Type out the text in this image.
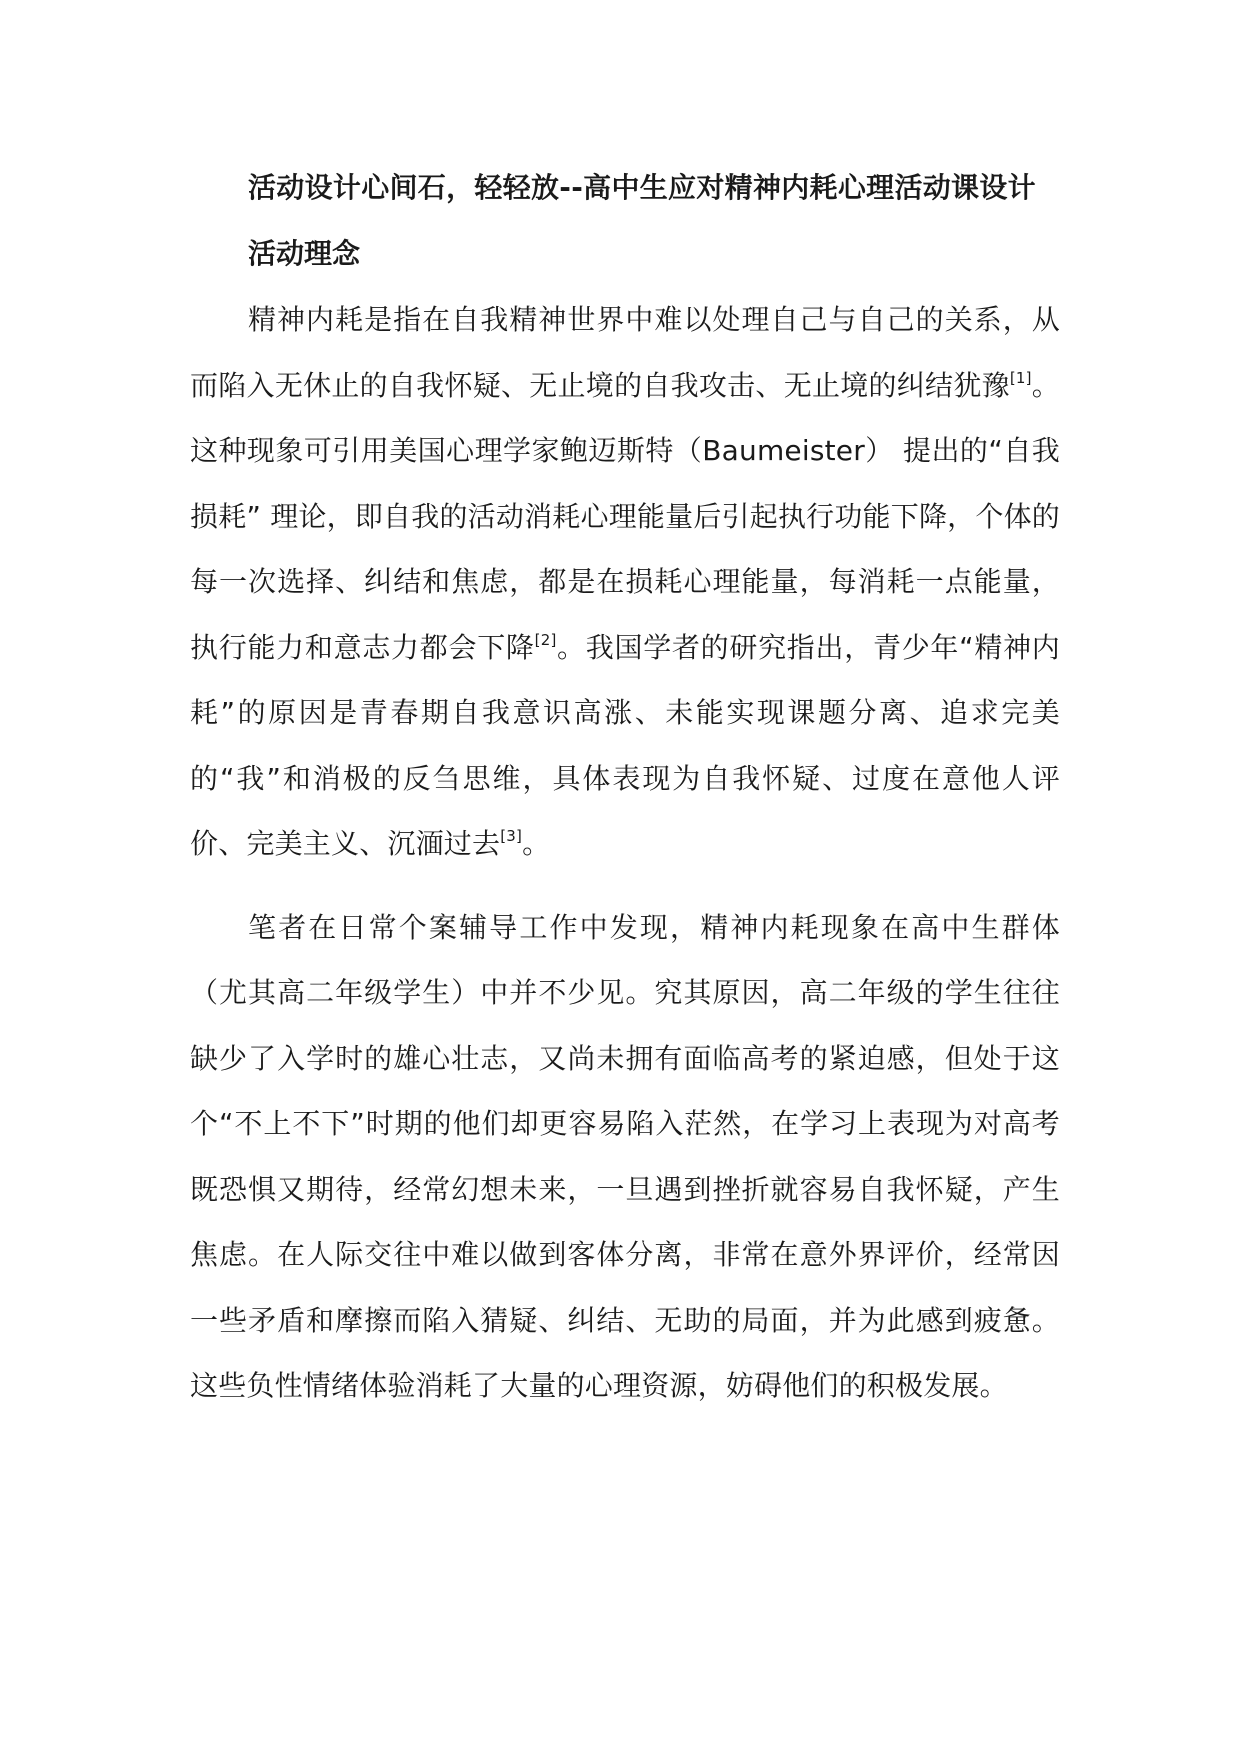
活动设计心间石，轻轻放--高中生应对精神内耗心理活动课设计

活动理念

精神内耗是指在自我精神世界中难以处理自己与自己的关系，从而陷入无休止的自我怀疑、无止境的自我攻击、无止境的纠结犹豫[1]。这种现象可引用美国心理学家鲍迈斯特（Baumeister） 提出的“自我损耗” 理论，即自我的活动消耗心理能量后引起执行功能下降，个体的每一次选择、纠结和焦虑，都是在损耗心理能量，每消耗一点能量，执行能力和意志力都会下降[2]。我国学者的研究指出，青少年“精神内耗”的原因是青春期自我意识高涨、未能实现课题分离、追求完美的“我”和消极的反刍思维，具体表现为自我怀疑、过度在意他人评价、完美主义、沉湎过去[3]。

笔者在日常个案辅导工作中发现，精神内耗现象在高中生群体（尤其高二年级学生）中并不少见。究其原因，高二年级的学生往往缺少了入学时的雄心壮志，又尚未拥有面临高考的紧迫感，但处于这个“不上不下”时期的他们却更容易陷入茫然，在学习上表现为对高考既恐惧又期待，经常幻想未来，一旦遇到挫折就容易自我怀疑，产生焦虑。在人际交往中难以做到客体分离，非常在意外界评价，经常因一些矛盾和摩擦而陷入猜疑、纠结、无助的局面，并为此感到疲惫。这些负性情绪体验消耗了大量的心理资源，妨碍他们的积极发展。
